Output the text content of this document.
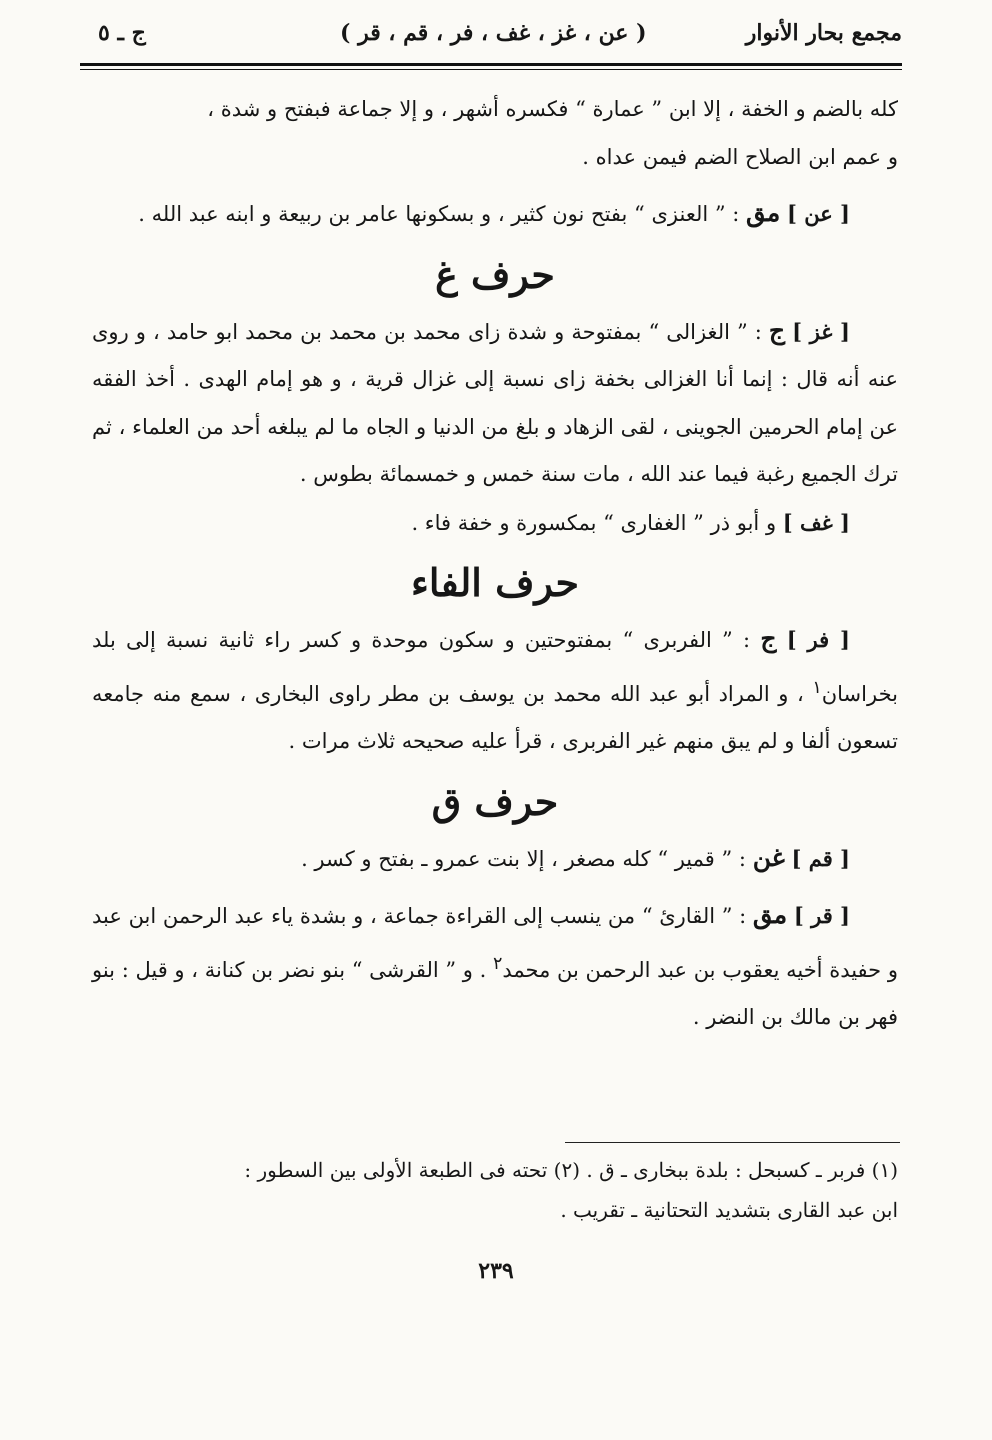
مجمع بحار الأنوار
( عن ، غز ، غف ، فر ، قم ، قر )
ج ـ ٥

كله بالضم و الخفة ، إلا ابن ” عمارة “ فكسره أشهر ، و إلا جماعة فبفتح و شدة ،
و عمم ابن الصلاح الضم فيمن عداه .

[ عن ] مق : ” العنزى “ بفتح نون كثير ، و بسكونها عامر بن ربيعة و ابنه عبد الله .

حرف غ

[ غز ] ج : ” الغزالى “ بمفتوحة و شدة زاى محمد بن محمد بن محمد ابو حامد ، و روى عنه أنه قال : إنما أنا الغزالى بخفة زاى نسبة إلى غزال قرية ، و هو إمام الهدى . أخذ الفقه عن إمام الحرمين الجوينى ، لقى الزهاد و بلغ من الدنيا و الجاه ما لم يبلغه أحد من العلماء ، ثم ترك الجميع رغبة فيما عند الله ، مات سنة خمس و خمسمائة بطوس .

[ غف ] و أبو ذر ” الغفارى “ بمكسورة و خفة فاء .

حرف الفاء

[ فر ] ج : ” الفربرى “ بمفتوحتين و سكون موحدة و كسر راء ثانية نسبة إلى بلد بخراسان$^١$ ، و المراد أبو عبد الله محمد بن يوسف بن مطر راوى البخارى ، سمع منه جامعه تسعون ألفا و لم يبق منهم غير الفربرى ، قرأ عليه صحيحه ثلاث مرات .

حرف ق

[ قم ] غن : ” قمير “ كله مصغر ، إلا بنت عمرو ـ بفتح و كسر .

[ قر ] مق : ” القارئ “ من ينسب إلى القراءة جماعة ، و بشدة ياء عبد الرحمن ابن عبد و حفيدة أخيه يعقوب بن عبد الرحمن بن محمد$^٢$ . و ” القرشى “ بنو نضر بن كنانة ، و قيل : بنو فهر بن مالك بن النضر .

(١) فربر ـ كسبحل : بلدة ببخارى ـ ق . (٢) تحته فى الطبعة الأولى بين السطور :

ابن عبد القارى بتشديد التحتانية ـ تقريب .

٢٣٩
